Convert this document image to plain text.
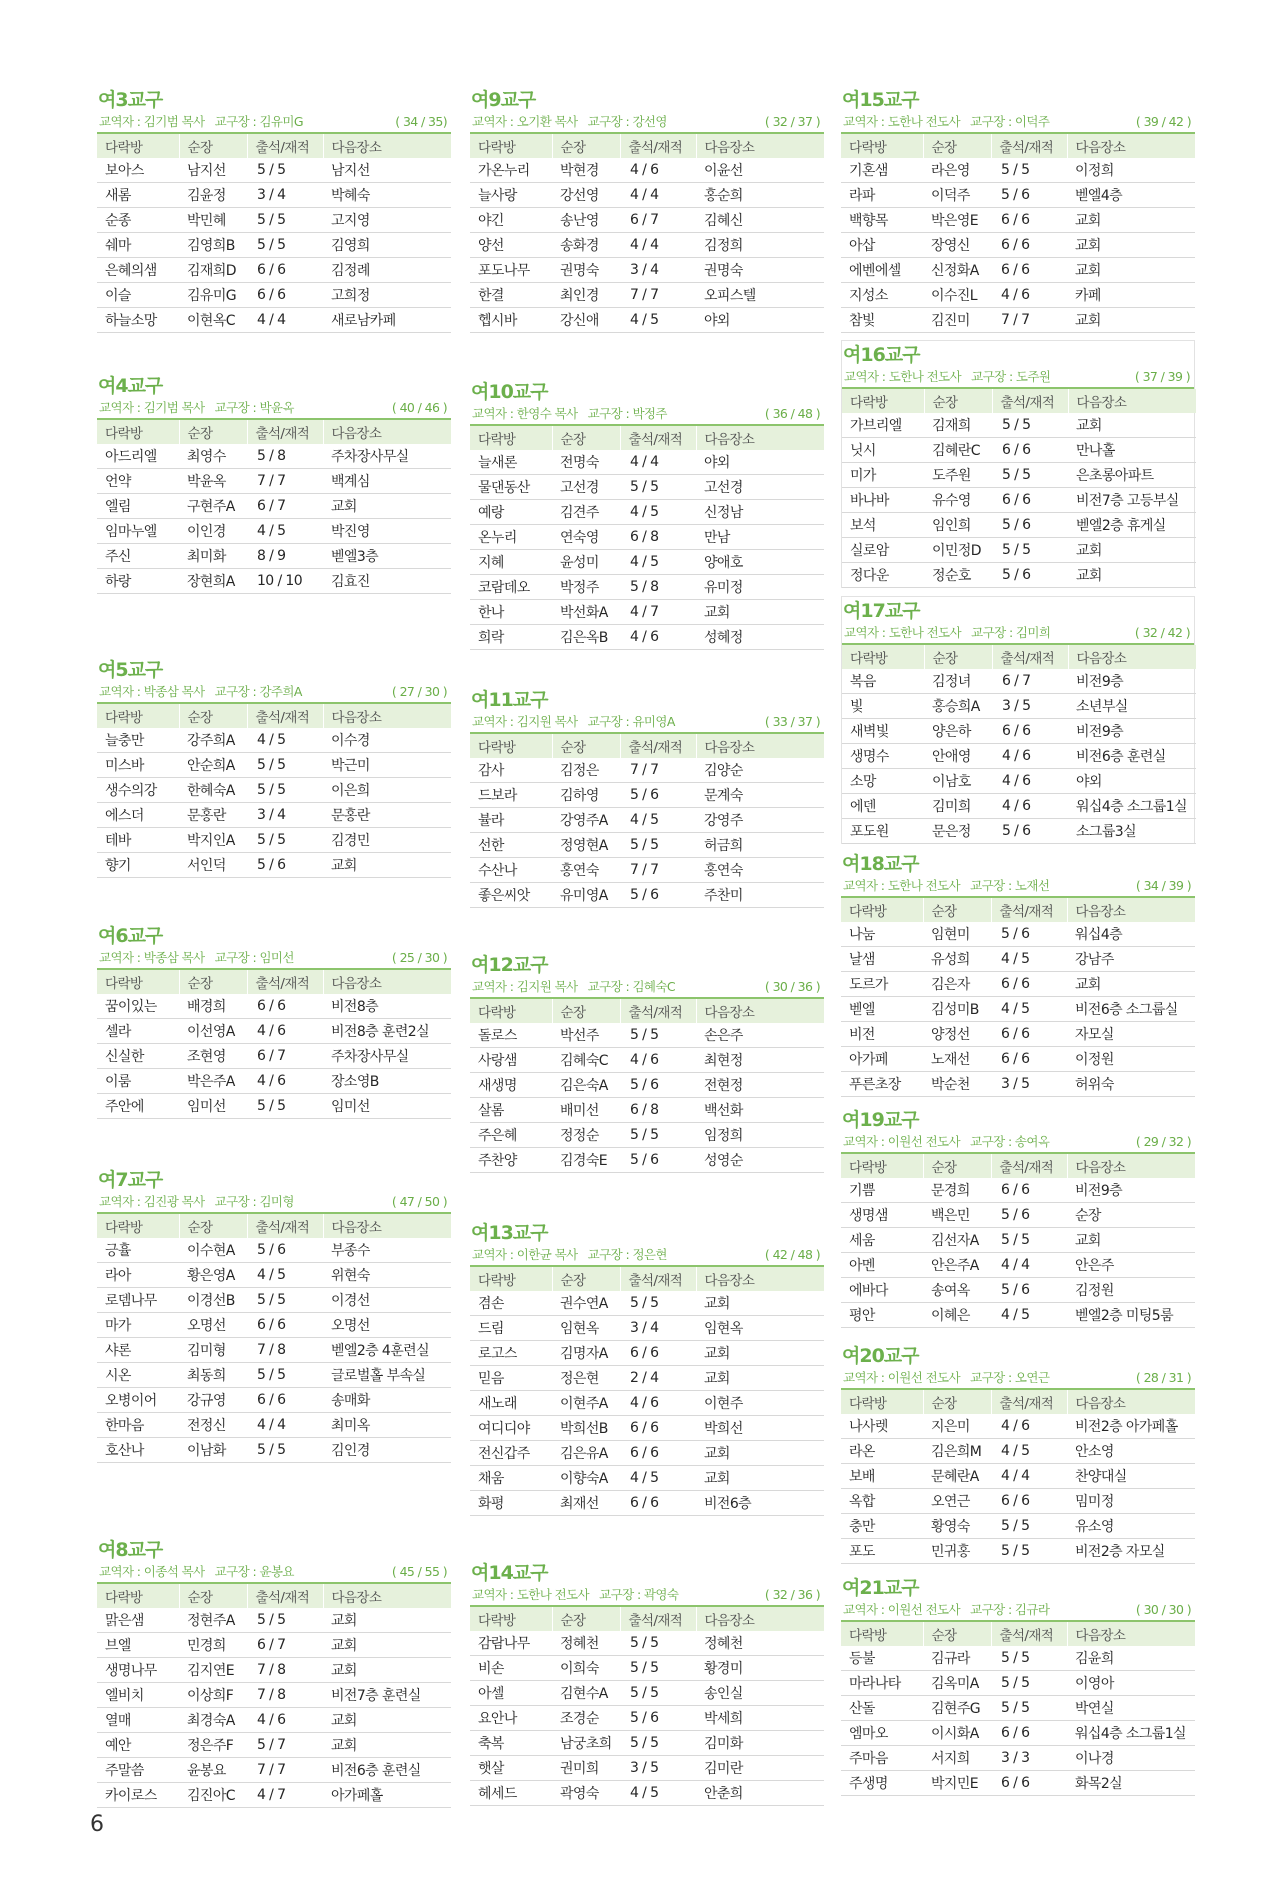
여3교구
교역자 : 김기범 목사 교구장 : 김유미G	( 34 / 35)
다락방	순장	출석/재적	다음장소
보아스	남지선	5 / 5	남지선
새롬	김윤정	3 / 4	박혜숙
순종	박민혜	5 / 5	고지영
쉐마	김영희B	5 / 5	김영희
은혜의샘	김재희D	6 / 6	김정례
이슬	김유미G	6 / 6	고희정
하늘소망	이현옥C	4 / 4	새로남카페
여4교구
교역자 : 김기범 목사 교구장 : 박윤옥	( 40 / 46 )
다락방	순장	출석/재적	다음장소
아드리엘	최영수	5 / 8	주차장사무실
언약	박윤옥	7 / 7	백계심
엘림	구현주A	6 / 7	교회
임마누엘	이인경	4 / 5	박진영
주신	최미화	8 / 9	벧엘3층
하랑	장현희A	10 / 10	김효진
여5교구
교역자 : 박종삼 목사 교구장 : 강주희A	( 27 / 30 )
다락방	순장	출석/재적	다음장소
늘충만	강주희A	4 / 5	이수경
미스바	안순희A	5 / 5	박근미
생수의강	한혜숙A	5 / 5	이은희
에스더	문홍란	3 / 4	문홍란
테바	박지인A	5 / 5	김경민
향기	서인덕	5 / 6	교회
여6교구
교역자 : 박종삼 목사 교구장 : 임미선	( 25 / 30 )
다락방	순장	출석/재적	다음장소
꿈이있는	배경희	6 / 6	비전8층
셀라	이선영A	4 / 6	비전8층 훈련2실
신실한	조현영	6 / 7	주차장사무실
이룸	박은주A	4 / 6	장소영B
주안에	임미선	5 / 5	임미선
여7교구
교역자 : 김진광 목사 교구장 : 김미형	( 47 / 50 )
다락방	순장	출석/재적	다음장소
긍휼	이수현A	5 / 6	부종수
라아	황은영A	4 / 5	위현숙
로뎀나무	이경선B	5 / 5	이경선
마가	오명선	6 / 6	오명선
샤론	김미형	7 / 8	벧엘2층 4훈련실
시온	최동희	5 / 5	글로벌홀 부속실
오병이어	강규영	6 / 6	송매화
한마음	전정신	4 / 4	최미옥
호산나	이남화	5 / 5	김인경
여8교구
교역자 : 이종석 목사 교구장 : 윤봉요	( 45 / 55 )
다락방	순장	출석/재적	다음장소
맑은샘	정현주A	5 / 5	교회
브엘	민경희	6 / 7	교회
생명나무	김지연E	7 / 8	교회
엘비치	이상희F	7 / 8	비전7층 훈련실
열매	최경숙A	4 / 6	교회
예안	정은주F	5 / 7	교회
주말씀	윤봉요	7 / 7	비전6층 훈련실
카이로스	김진아C	4 / 7	아가페홀
여9교구
교역자 : 오기환 목사 교구장 : 강선영	( 32 / 37 )
다락방	순장	출석/재적	다음장소
가온누리	박현경	4 / 6	이윤선
늘사랑	강선영	4 / 4	홍순희
야긴	송난영	6 / 7	김혜신
양선	송화경	4 / 4	김정희
포도나무	권명숙	3 / 4	권명숙
한결	최인경	7 / 7	오피스텔
헵시바	강신애	4 / 5	야외
여10교구
교역자 : 한영수 목사 교구장 : 박정주	( 36 / 48 )
다락방	순장	출석/재적	다음장소
늘새론	전명숙	4 / 4	야외
물댄동산	고선경	5 / 5	고선경
예랑	김견주	4 / 5	신정남
온누리	연숙영	6 / 8	만남
지혜	윤성미	4 / 5	양애호
코람데오	박정주	5 / 8	유미정
한나	박선화A	4 / 7	교회
희락	김은옥B	4 / 6	성혜정
여11교구
교역자 : 김지원 목사 교구장 : 유미영A	( 33 / 37 )
다락방	순장	출석/재적	다음장소
감사	김정은	7 / 7	김양순
드보라	김하영	5 / 6	문계숙
뷸라	강영주A	4 / 5	강영주
선한	정영현A	5 / 5	허금희
수산나	홍연숙	7 / 7	홍연숙
좋은씨앗	유미영A	5 / 6	주찬미
여12교구
교역자 : 김지원 목사 교구장 : 김혜숙C	( 30 / 36 )
다락방	순장	출석/재적	다음장소
돌로스	박선주	5 / 5	손은주
사랑샘	김혜숙C	4 / 6	최현정
새생명	김은숙A	5 / 6	전현정
살롬	배미선	6 / 8	백선화
주은혜	정정순	5 / 5	임정희
주찬양	김경숙E	5 / 6	성영순
여13교구
교역자 : 이한균 목사 교구장 : 정은현	( 42 / 48 )
다락방	순장	출석/재적	다음장소
겸손	권수연A	5 / 5	교회
드림	임현옥	3 / 4	임현옥
로고스	김명자A	6 / 6	교회
믿음	정은현	2 / 4	교회
새노래	이현주A	4 / 6	이현주
여디디야	박희선B	6 / 6	박희선
전신갑주	김은유A	6 / 6	교회
채움	이향숙A	4 / 5	교회
화평	최재선	6 / 6	비전6층
여14교구
교역자 : 도한나 전도사 교구장 : 곽영숙	( 32 / 36 )
다락방	순장	출석/재적	다음장소
감람나무	정혜천	5 / 5	정혜천
비손	이희숙	5 / 5	황경미
아셀	김현수A	5 / 5	송인실
요안나	조경순	5 / 6	박세희
축복	남궁초희	5 / 5	김미화
햇살	권미희	3 / 5	김미란
헤세드	곽영숙	4 / 5	안춘희
여15교구
교역자 : 도한나 전도사 교구장 : 이덕주	( 39 / 42 )
다락방	순장	출석/재적	다음장소
기혼샘	라은영	5 / 5	이정희
라파	이덕주	5 / 6	벧엘4층
백향목	박은영E	6 / 6	교회
아삽	장영신	6 / 6	교회
에벤에셀	신정화A	6 / 6	교회
지성소	이수진L	4 / 6	카페
참빛	김진미	7 / 7	교회
여16교구
교역자 : 도한나 전도사 교구장 : 도주원	( 37 / 39 )
다락방	순장	출석/재적	다음장소
가브리엘	김재희	5 / 5	교회
닛시	김혜란C	6 / 6	만나홀
미가	도주원	5 / 5	은초롱아파트
바나바	유수영	6 / 6	비전7층 고등부실
보석	임인희	5 / 6	벧엘2층 휴게실
실로암	이민정D	5 / 5	교회
정다운	정순호	5 / 6	교회
여17교구
교역자 : 도한나 전도사 교구장 : 김미희	( 32 / 42 )
다락방	순장	출석/재적	다음장소
복음	김정녀	6 / 7	비전9층
빛	홍승희A	3 / 5	소년부실
새벽빛	양은하	6 / 6	비전9층
생명수	안애영	4 / 6	비전6층 훈련실
소망	이남호	4 / 6	야외
에덴	김미희	4 / 6	워십4층 소그룹1실
포도원	문은정	5 / 6	소그룹3실
여18교구
교역자 : 도한나 전도사 교구장 : 노재선	( 34 / 39 )
다락방	순장	출석/재적	다음장소
나눔	임현미	5 / 6	워십4층
날샘	유성희	4 / 5	강남주
도르가	김은자	6 / 6	교회
벧엘	김성미B	4 / 5	비전6층 소그룹실
비전	양정선	6 / 6	자모실
아가페	노재선	6 / 6	이정원
푸른초장	박순천	3 / 5	허위숙
여19교구
교역자 : 이원선 전도사 교구장 : 송여옥	( 29 / 32 )
다락방	순장	출석/재적	다음장소
기쁨	문경희	6 / 6	비전9층
생명샘	백은민	5 / 6	순장
세움	김선자A	5 / 5	교회
아멘	안은주A	4 / 4	안은주
에바다	송여옥	5 / 6	김정원
평안	이혜은	4 / 5	벧엘2층 미팅5룸
여20교구
교역자 : 이원선 전도사 교구장 : 오연근	( 28 / 31 )
다락방	순장	출석/재적	다음장소
나사렛	지은미	4 / 6	비전2층 아가페홀
라온	김은희M	4 / 5	안소영
보배	문혜란A	4 / 4	찬양대실
옥합	오연근	6 / 6	밈미정
충만	황영숙	5 / 5	유소영
포도	민귀홍	5 / 5	비전2층 자모실
여21교구
교역자 : 이원선 전도사 교구장 : 김규라	( 30 / 30 )
다락방	순장	출석/재적	다음장소
등불	김규라	5 / 5	김윤희
마라나타	김옥미A	5 / 5	이영아
산돌	김현주G	5 / 5	박연실
엠마오	이시화A	6 / 6	워십4층 소그룹1실
주마음	서지희	3 / 3	이나경
주생명	박지민E	6 / 6	화목2실
6
